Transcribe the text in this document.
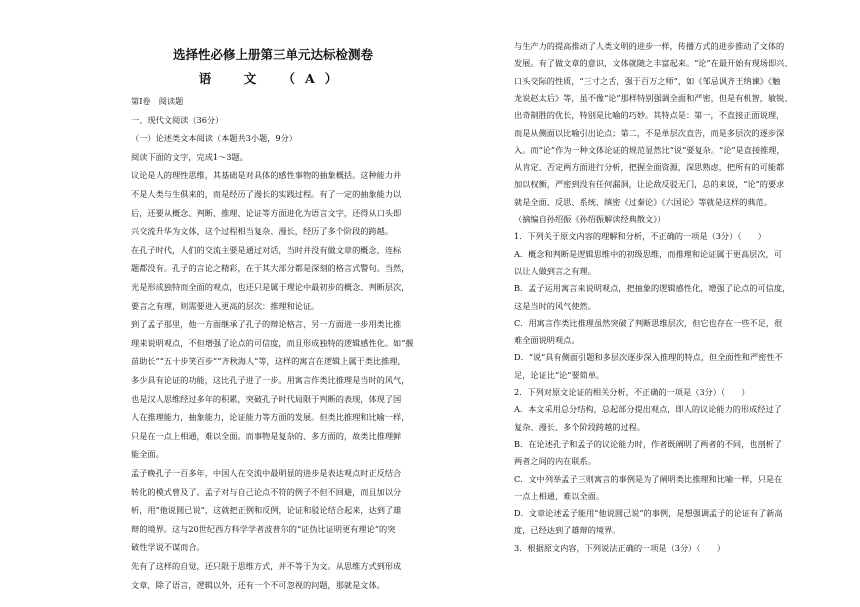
选择性必修上册第三单元达标检测卷
语　文　（A）
第Ⅰ卷　阅读题
一、现代文阅读（36分）
（一）论述类文本阅读（本题共3小题，9分）
阅读下面的文字，完成1～3题。
议论是人的理性思维，其基础是对具体的感性事物的抽象概括。这种能力并
不是人类与生俱来的，而是经历了漫长的实践过程。有了一定的抽象能力以
后，还要从概念、判断、推理、论证等方面进化为语言文字，还得从口头即
兴交流升华为文体，这个过程相当复杂、漫长，经历了多个阶段的跨越。
在孔子时代，人们的交流主要是通过对话，当时并没有做文章的概念，连标
题都没有。孔子的言论之精彩，在于其大部分都是深刻的格言式警句。当然，
光是形成独特而全面的观点，也还只是属于理论中最初步的概念、判断层次，
要言之有理，则需要进入更高的层次：推理和论证。
到了孟子那里，他一方面继承了孔子的辩论格言，另一方面进一步用类比推
理来说明观点，不但增强了论点的可信度，而且形成独特的逻辑感性化。如“揠
苗助长”“五十步笑百步”“齐秋海人”等，这样的寓言在逻辑上属于类比推理，
多少具有论证的功能，这比孔子进了一步。用寓言作类比推理是当时的风气，
也是汉人思维经过多年的积累，突破孔子时代局限于判断的表现，体现了国
人在推理能力，抽象能力，论证能力等方面的发展。但类比推理和比喻一样，
只是在一点上相通，难以全面。而事物是复杂的、多方面的，故类比推理鲜
能全面。
孟子晚孔子一百多年，中国人在交流中最明显的进步是表达观点时正反结合
转化的模式曾及了。孟子对与自己论点不符的例子不但不回避，而且加以分
析，用“他说圆已说”，这就把正例和反例，论证和驳论结合起来，达到了雄
辩的境界。这与20世纪西方科学学者波普尔的“证伪比证明更有理论”的突
破性学说不谋而合。
先有了这样的自觉，还只限于思维方式，并不等于为文。从思维方式到形成
文章，除了语言，逻辑以外，还有一个不可忽视的问题，那就是文体。
与生产力的提高推动了人类文明的进步一样，传播方式的进步推动了文体的
发展。有了做文章的意识，文体就随之丰富起来。“论”在最开始有现场即兴、
口头交际的性质，“三寸之舌，强于百万之师”，如《邹忌讽齐王纳谏》《触
龙说赵太后》等，虽不像“论”那样特别强调全面和严密，但是有机智，敏锐、
出奇制胜的优长，特别是比喻的巧妙。其特点是：第一，不直接正面说理，
而是从侧面以比喻引出论点；第二，不是单层次直告，而是多层次的逐步深
入。而“论”作为一种文体论证的规范显然比“说”要复杂。“论”是直接推理，
从肯定、否定两方面进行分析，把握全面资源，深思熟虑，把所有的可能都
加以权衡，严密到没有任何漏洞，让论敌反驳无门，总的来说，“论”的要求
就是全面、反思、系统、缜密《过秦论》《六国论》等就是这样的典范。
（摘编自孙绍振《孙绍振解读经典散文》）
1．下列关于原文内容的理解和分析，不正确的一项是（3分）（　　）
A．概念和判断是逻辑思维中的初级思维，而推理和论证属于更高层次，可
以让人做到言之有理。
B．孟子运用寓言来说明观点，把抽象的逻辑感性化，增强了论点的可信度，
这是当时的风气使然。
C．用寓言作类比推理虽然突破了判断思维层次，但它也存在一些不足，很
难全面说明观点。
D．“说”具有侧面引题和多层次逐步深入推理的特点，但全面性和严密性不
足，论证比“论”要简单。
2．下列对原文论证的相关分析，不正确的一项是（3分）（　　）
A．本文采用总分结构，总起部分提出观点，即人的议论能力的形成经过了
复杂、漫长、多个阶段跨越的过程。
B．在论述孔子和孟子的议论能力时，作者既阐明了两者的不同，也剖析了
两者之间的内在联系。
C．文中列举孟子三则寓言的事例是为了阐明类比推理和比喻一样，只是在
一点上相通，难以全面。
D．文章论述孟子能用“他说圆己说”的事例，是想强调孟子的论证有了新高
度，已经达到了雄辩的境界。
3．根据原文内容，下列说法正确的一项是（3分）（　　）
